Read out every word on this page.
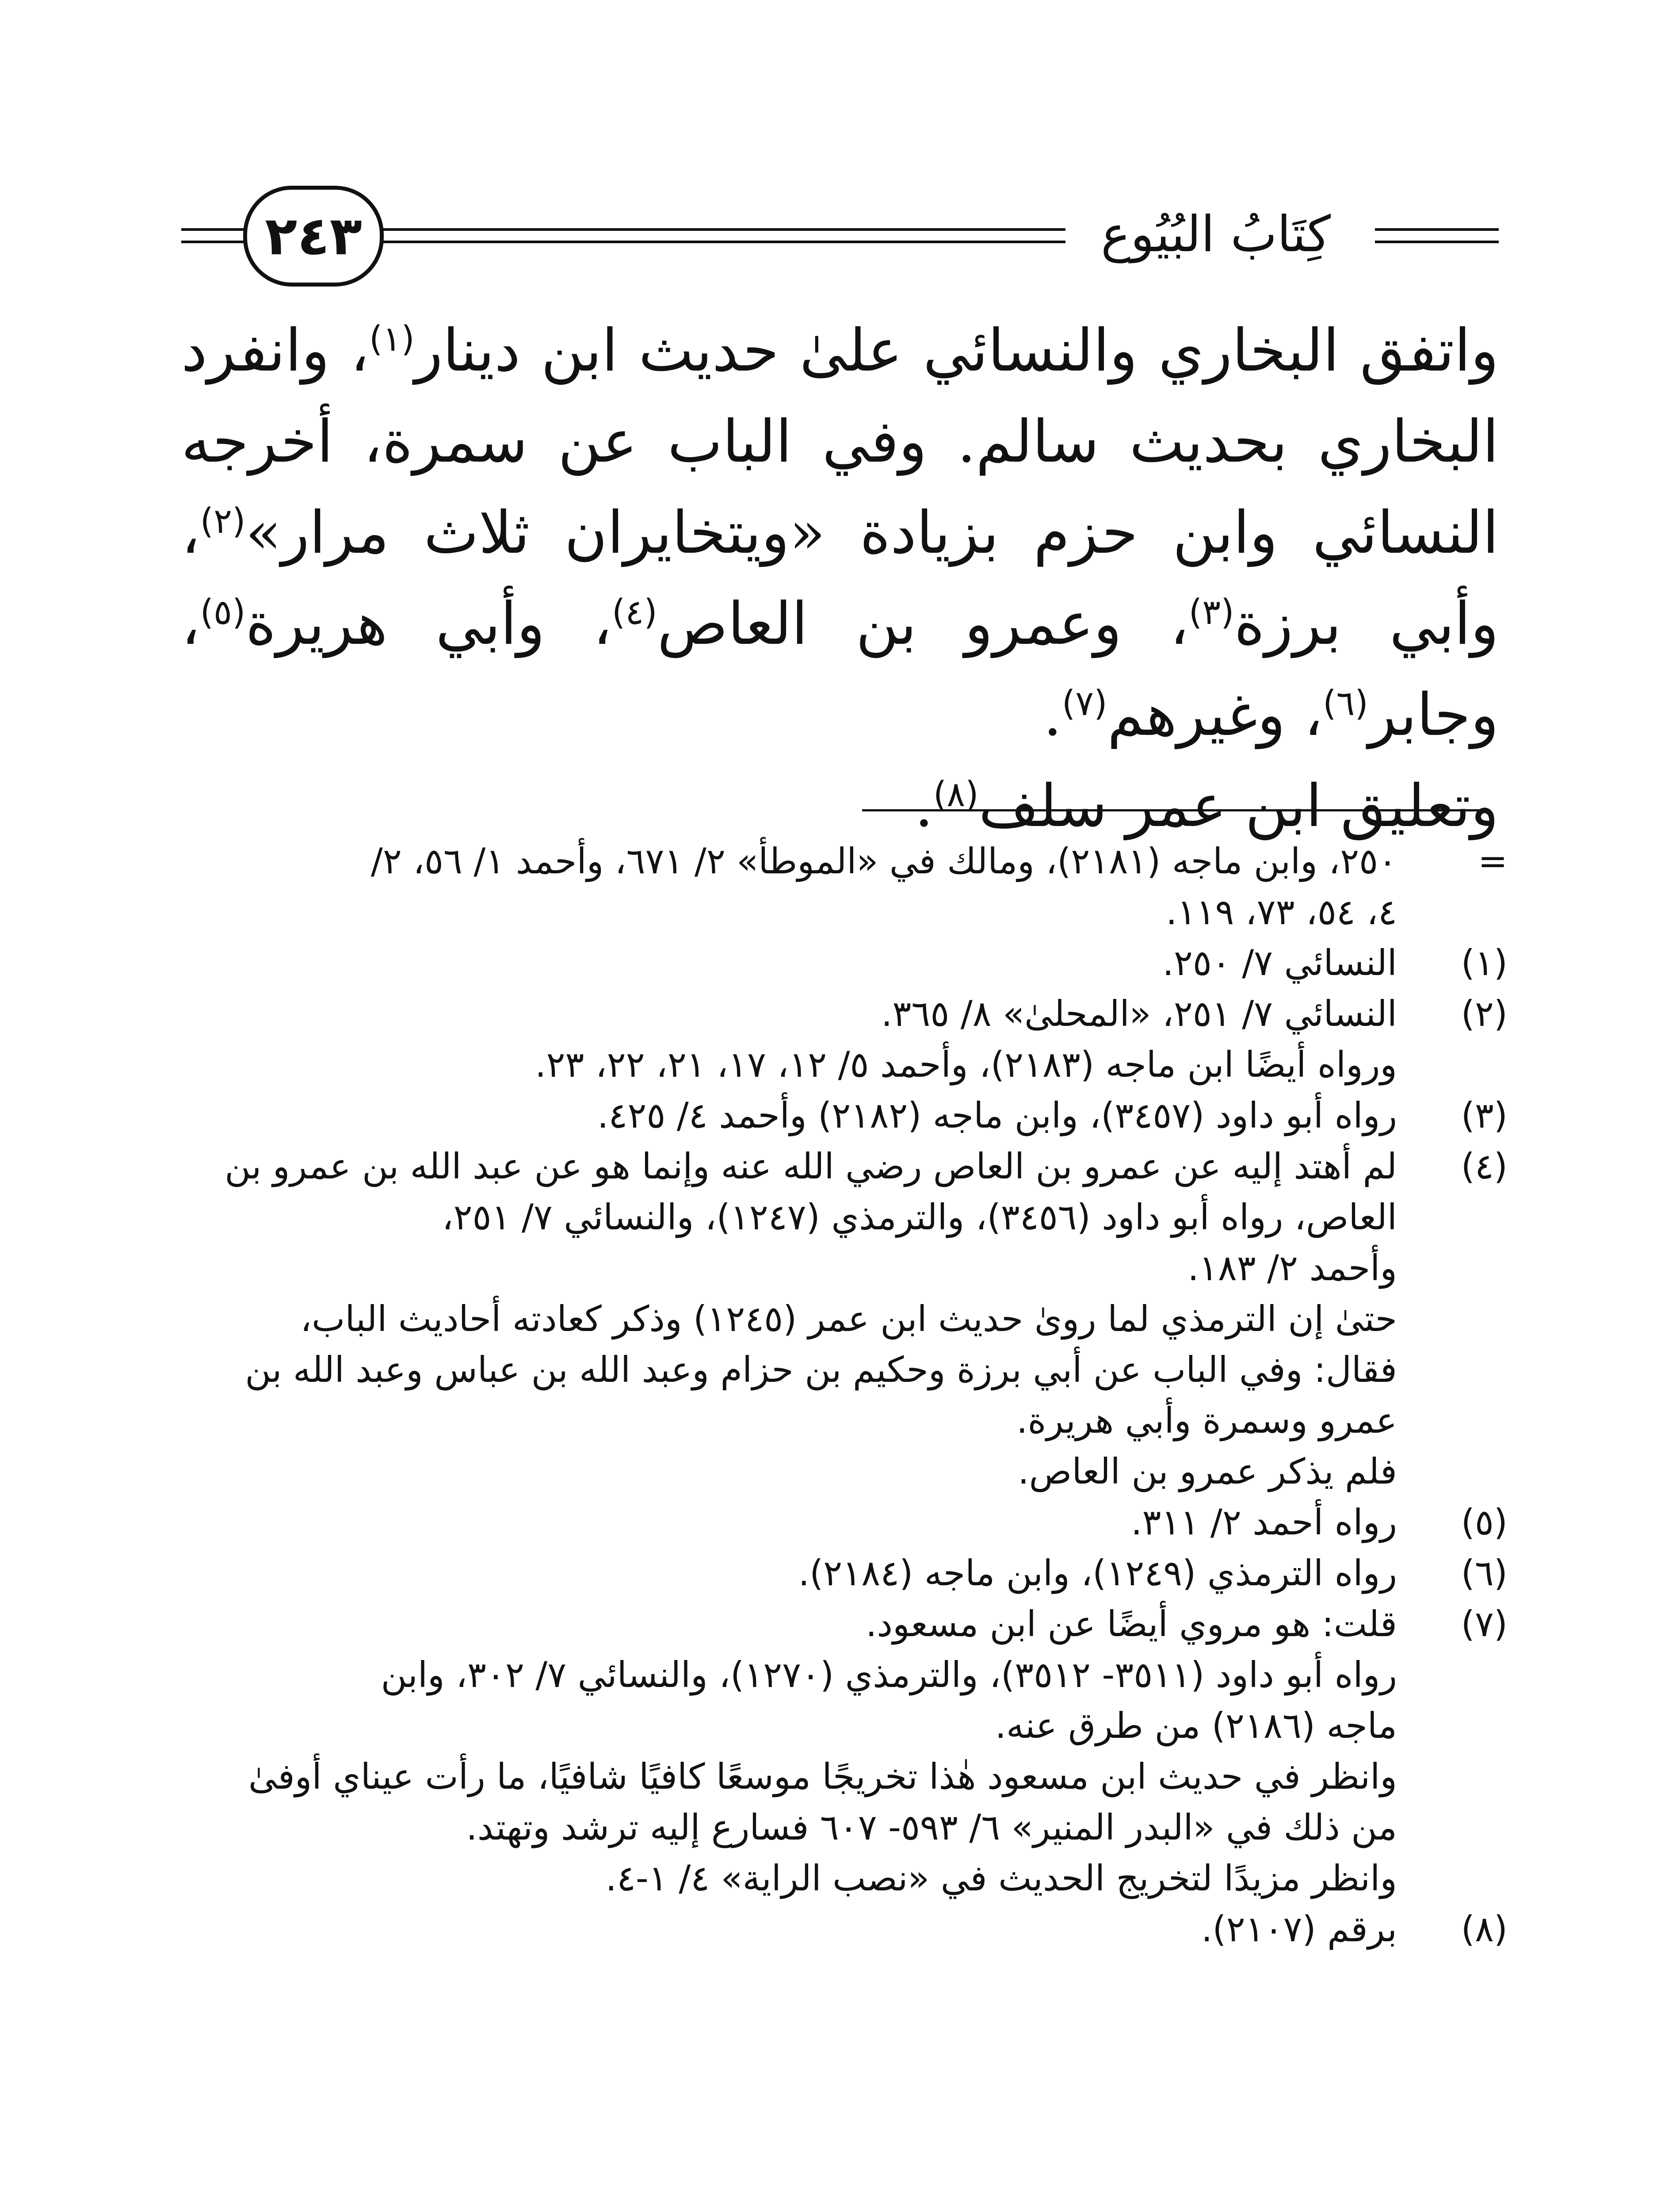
٢٤٣	كِتَابُ البُيُوع

واتفق البخاري والنسائي علىٰ حديث ابن دينار$^{(١)}$، وانفرد البخاري بحديث سالم. وفي الباب عن سمرة، أخرجه النسائي وابن حزم بزيادة «ويتخايران ثلاث مرار»$^{(٢)}$، وأبي برزة$^{(٣)}$، وعمرو بن العاص$^{(٤)}$، وأبي هريرة$^{(٥)}$، وجابر$^{(٦)}$، وغيرهم$^{(٧)}$.

وتعليق ابن عمر سلف$^{(٨)}$.

=
٢٥٠، وابن ماجه (٢١٨١)، ومالك في «الموطأ» ٢/ ٦٧١، وأحمد ١/ ٥٦، ٢/
٤، ٥٤، ٧٣، ١١٩.
(١)
النسائي ٧/ ٢٥٠.
(٢)
النسائي ٧/ ٢٥١، «المحلىٰ» ٨/ ٣٦٥.
ورواه أيضًا ابن ماجه (٢١٨٣)، وأحمد ٥/ ١٢، ١٧، ٢١، ٢٢، ٢٣.
(٣)
رواه أبو داود (٣٤٥٧)، وابن ماجه (٢١٨٢) وأحمد ٤/ ٤٢٥.
(٤)
لم أهتد إليه عن عمرو بن العاص رضي الله عنه وإنما هو عن عبد الله بن عمرو بن
العاص، رواه أبو داود (٣٤٥٦)، والترمذي (١٢٤٧)، والنسائي ٧/ ٢٥١،
وأحمد ٢/ ١٨٣.
حتىٰ إن الترمذي لما روىٰ حديث ابن عمر (١٢٤٥) وذكر كعادته أحاديث الباب،
فقال: وفي الباب عن أبي برزة وحكيم بن حزام وعبد الله بن عباس وعبد الله بن
عمرو وسمرة وأبي هريرة.
فلم يذكر عمرو بن العاص.
(٥)
رواه أحمد ٢/ ٣١١.
(٦)
رواه الترمذي (١٢٤٩)، وابن ماجه (٢١٨٤).
(٧)
قلت: هو مروي أيضًا عن ابن مسعود.
رواه أبو داود (٣٥١١- ٣٥١٢)، والترمذي (١٢٧٠)، والنسائي ٧/ ٣٠٢، وابن
ماجه (٢١٨٦) من طرق عنه.
وانظر في حديث ابن مسعود هٰذا تخريجًا موسعًا كافيًا شافيًا، ما رأت عيناي أوفىٰ
من ذلك في «البدر المنير» ٦/ ٥٩٣- ٦٠٧ فسارع إليه ترشد وتهتد.
وانظر مزيدًا لتخريج الحديث في «نصب الراية» ٤/ ١-٤.
(٨)
برقم (٢١٠٧).
